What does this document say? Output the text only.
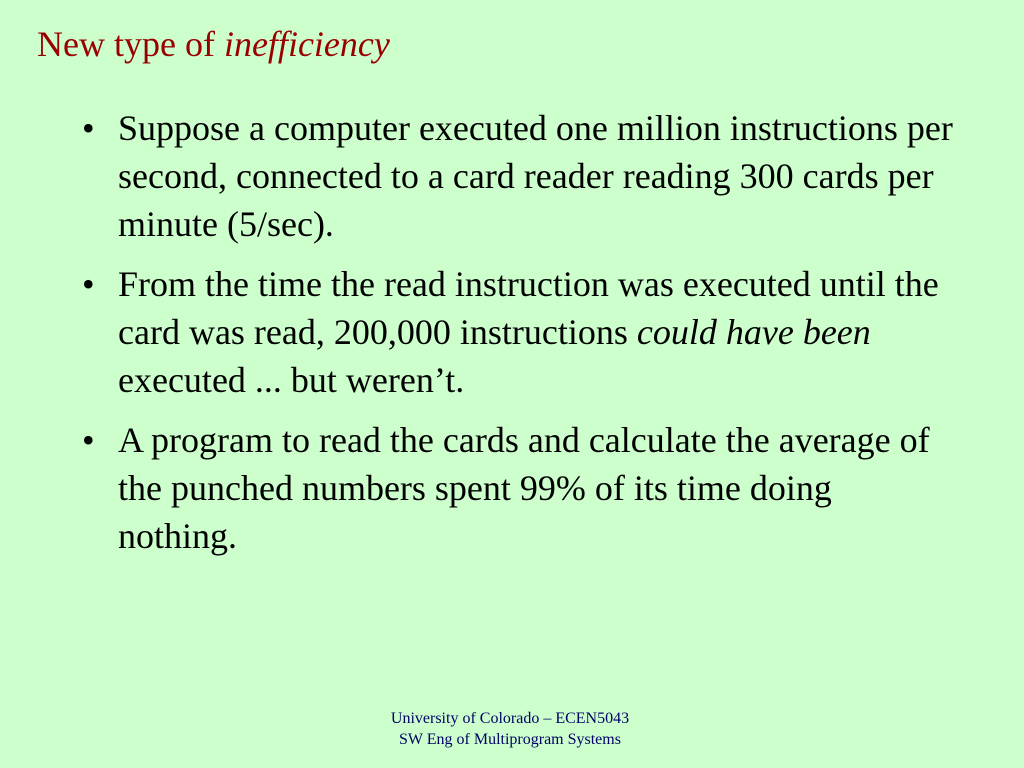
New type of inefficiency
• Suppose a computer executed one million instructions per second, connected to a card reader reading 300 cards per minute (5/sec).
• From the time the read instruction was executed until the card was read, 200,000 instructions could have been executed ... but weren’t.
• A program to read the cards and calculate the average of the punched numbers spent 99% of its time doing nothing.
University of Colorado – ECEN5043
SW Eng of Multiprogram Systems
